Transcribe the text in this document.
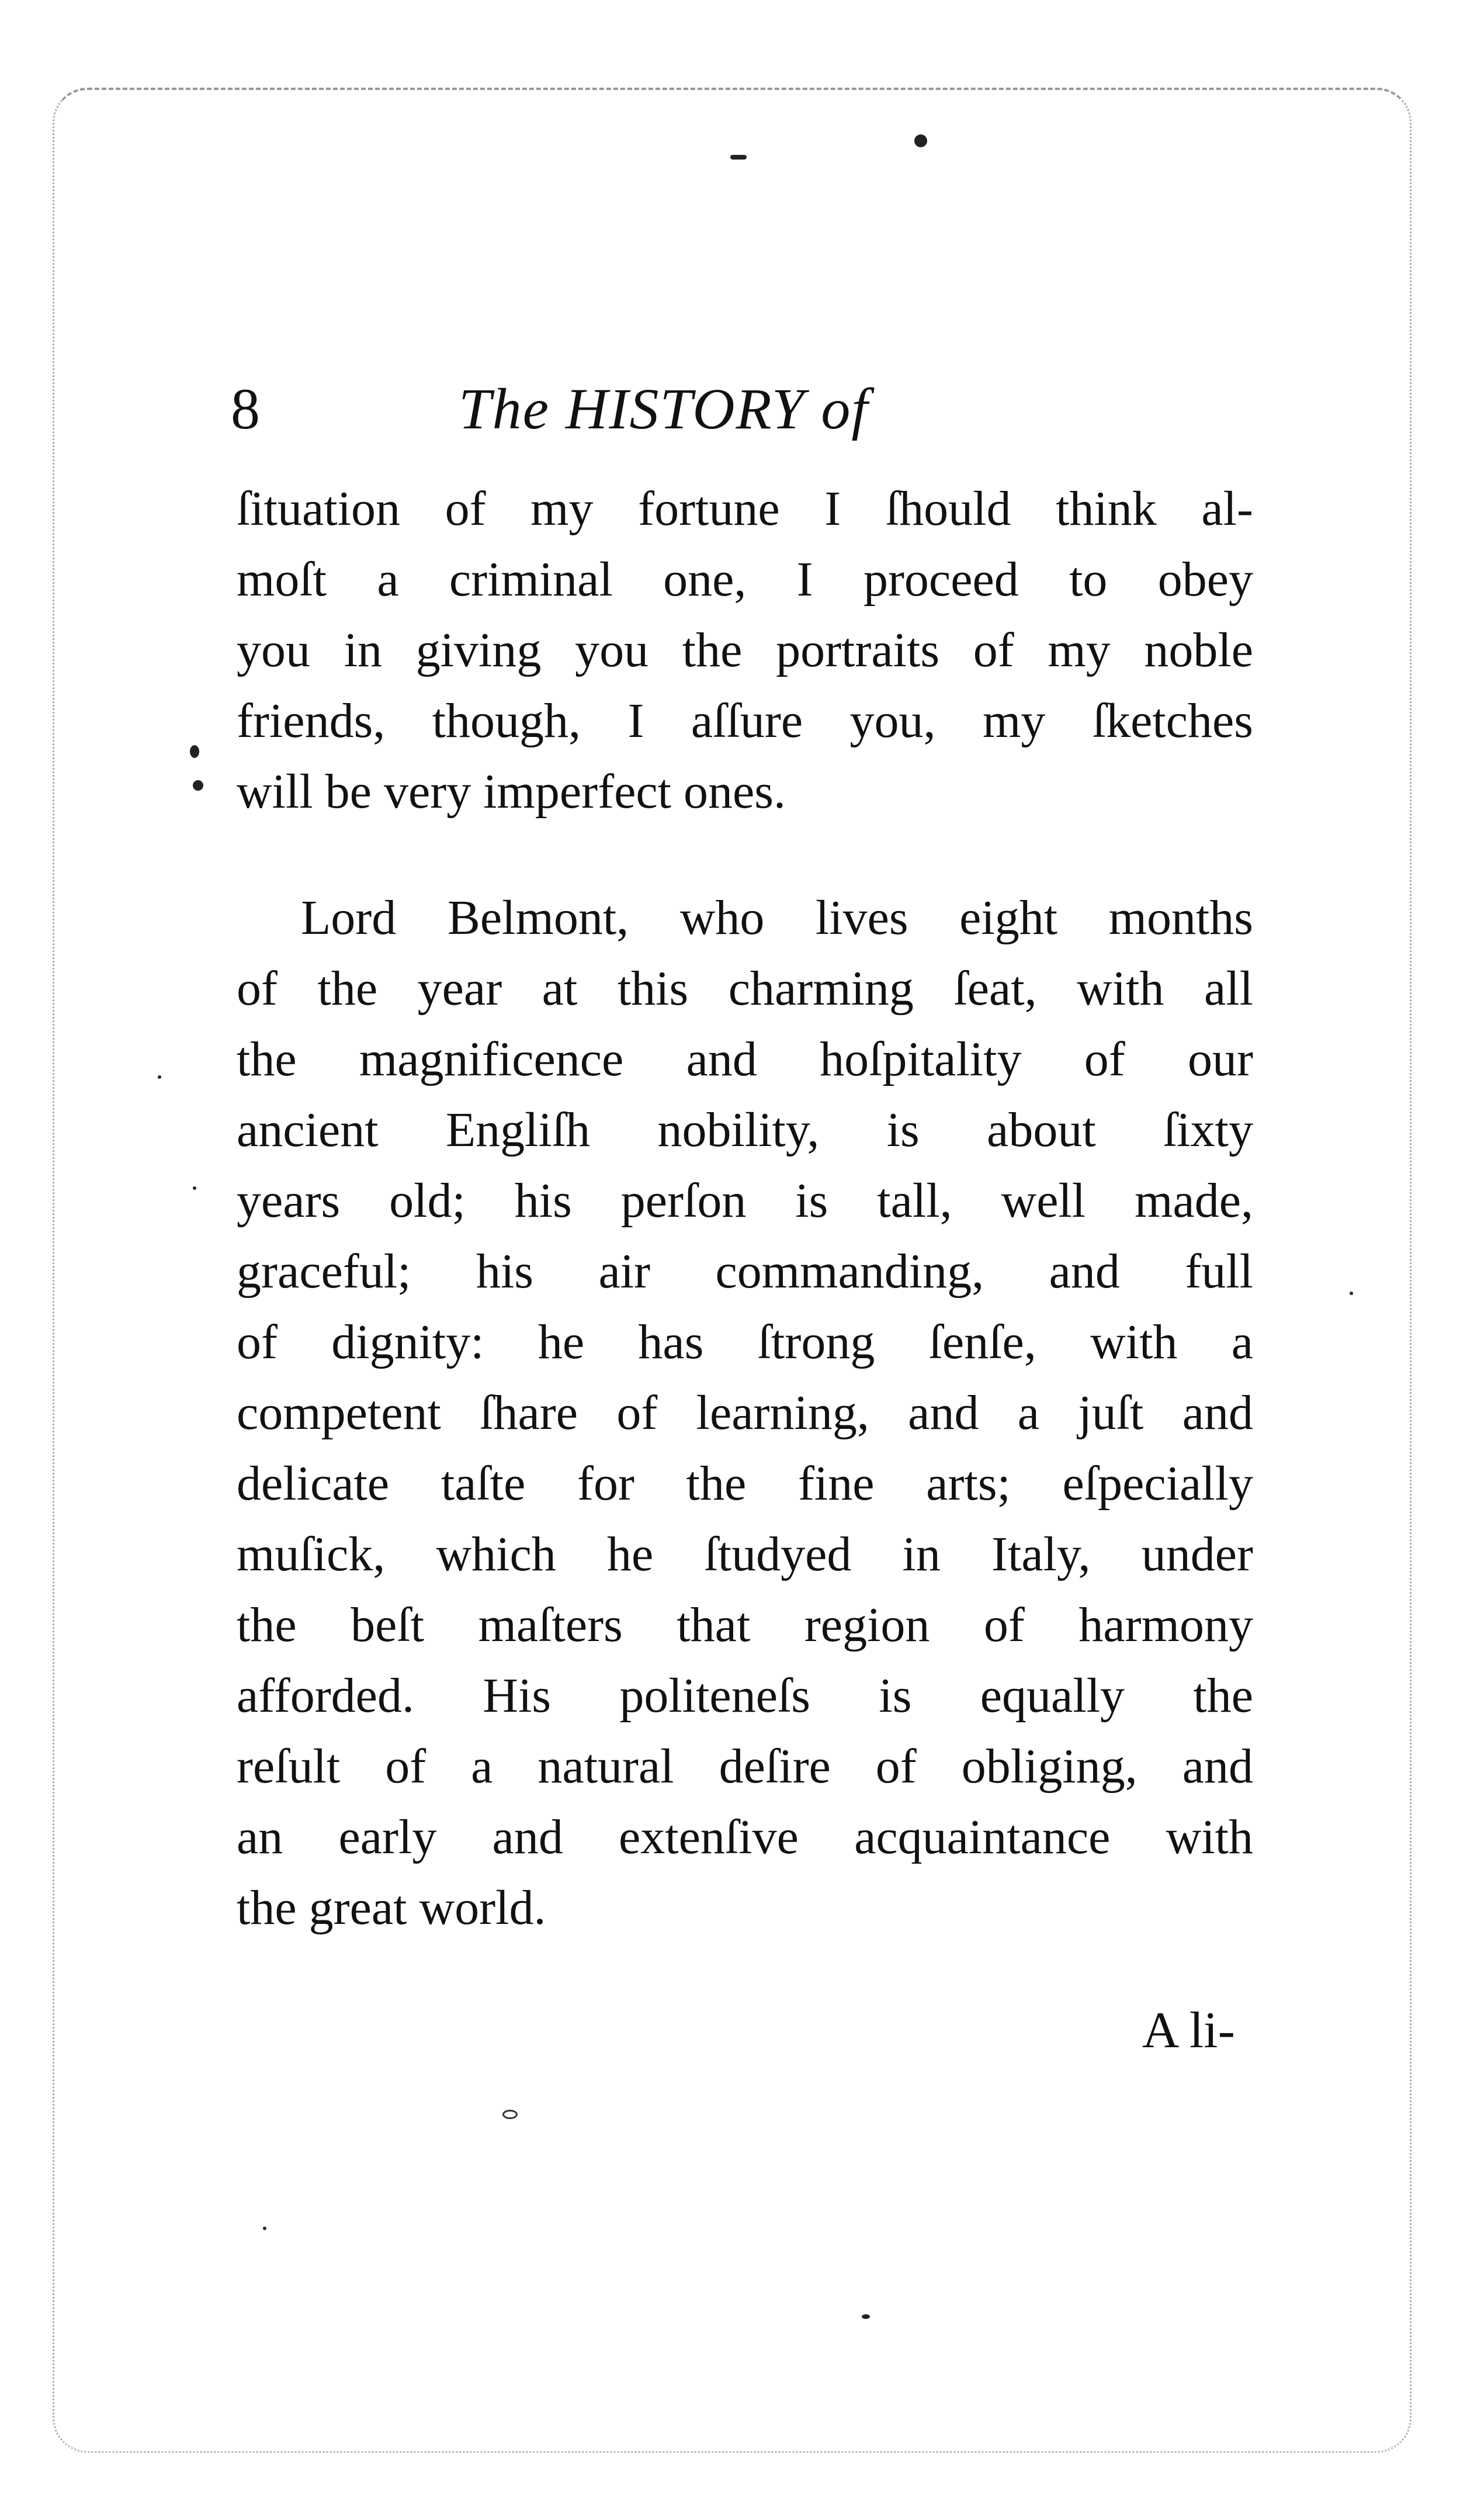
8	The HISTORY of
ſituation of my fortune I ſhould think al-
moſt a criminal one, I proceed to obey
you in giving you the portraits of my noble
friends, though, I aſſure you, my ſketches
will be very imperfect ones.
Lord Belmont, who lives eight months
of the year at this charming ſeat, with all
the magnificence and hoſpitality of our
ancient Engliſh nobility, is about ſixty
years old; his perſon is tall, well made,
graceful; his air commanding, and full
of dignity: he has ſtrong ſenſe, with a
competent ſhare of learning, and a juſt and
delicate taſte for the fine arts; eſpecially
muſick, which he ſtudyed in Italy, under
the beſt maſters that region of harmony
afforded. His politeneſs is equally the
reſult of a natural deſire of obliging, and
an early and extenſive acquaintance with
the great world.
A li-
